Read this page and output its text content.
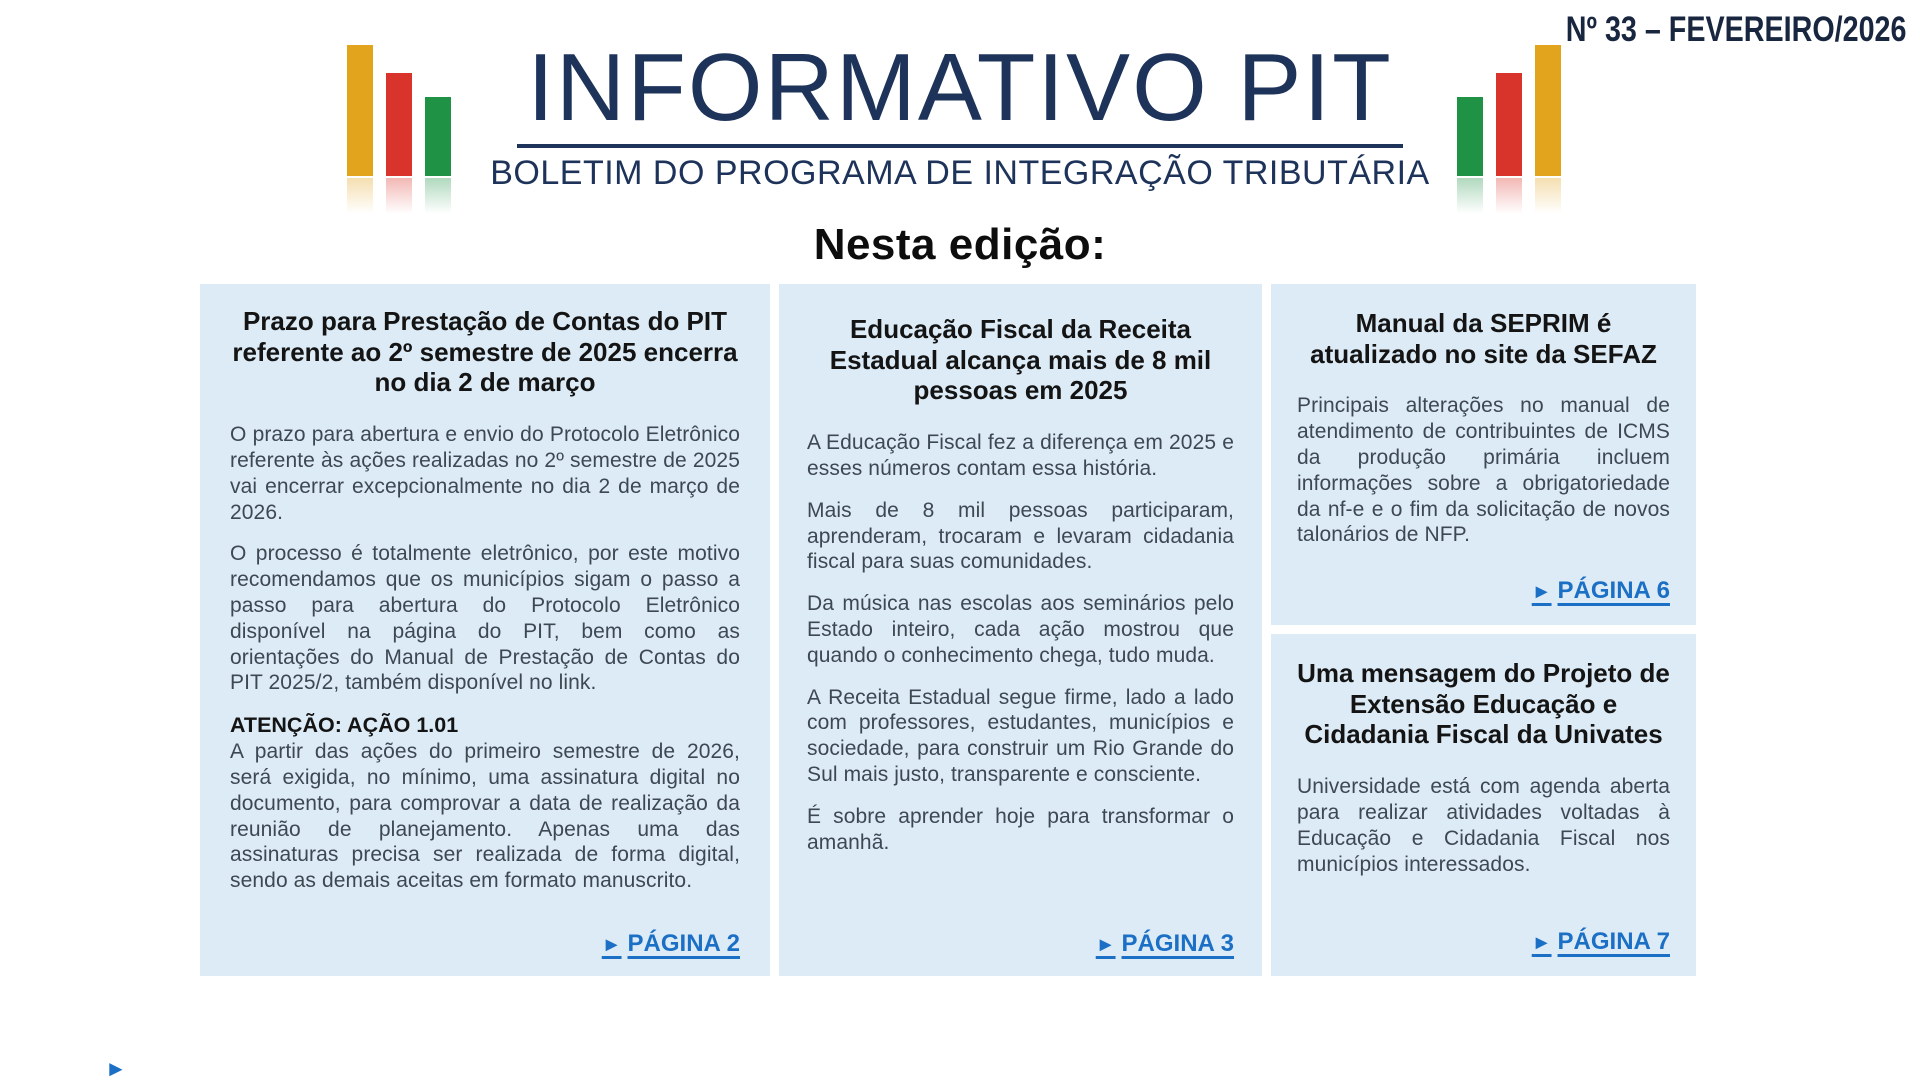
Nº 33 – FEVEREIRO/2026
INFORMATIVO PIT
BOLETIM DO PROGRAMA DE INTEGRAÇÃO TRIBUTÁRIA
Nesta edição:
Prazo para Prestação de Contas do PIT referente ao 2º semestre de 2025 encerra no dia 2 de março

O prazo para abertura e envio do Protocolo Eletrônico referente às ações realizadas no 2º semestre de 2025 vai encerrar excepcionalmente no dia 2 de março de 2026.

O processo é totalmente eletrônico, por este motivo recomendamos que os municípios sigam o passo a passo para abertura do Protocolo Eletrônico disponível na página do PIT, bem como as orientações do Manual de Prestação de Contas do PIT 2025/2, também disponível no link.

ATENÇÃO: AÇÃO 1.01

A partir das ações do primeiro semestre de 2026, será exigida, no mínimo, uma assinatura digital no documento, para comprovar a data de realização da reunião de planejamento. Apenas uma das assinaturas precisa ser realizada de forma digital, sendo as demais aceitas em formato manuscrito.

► PÁGINA 2
Educação Fiscal da Receita Estadual alcança mais de 8 mil pessoas em 2025

A Educação Fiscal fez a diferença em 2025 e esses números contam essa história.

Mais de 8 mil pessoas participaram, aprenderam, trocaram e levaram cidadania fiscal para suas comunidades.

Da música nas escolas aos seminários pelo Estado inteiro, cada ação mostrou que quando o conhecimento chega, tudo muda.

A Receita Estadual segue firme, lado a lado com professores, estudantes, municípios e sociedade, para construir um Rio Grande do Sul mais justo, transparente e consciente.

É sobre aprender hoje para transformar o amanhã.

► PÁGINA 3
Manual da SEPRIM é atualizado no site da SEFAZ

Principais alterações no manual de atendimento de contribuintes de ICMS da produção primária incluem informações sobre a obrigatoriedade da nf-e e o fim da solicitação de novos talonários de NFP.

► PÁGINA 6
Uma mensagem do Projeto de Extensão Educação e Cidadania Fiscal da Univates

Universidade está com agenda aberta para realizar atividades voltadas à Educação e Cidadania Fiscal nos municípios interessados.

► PÁGINA 7
►
